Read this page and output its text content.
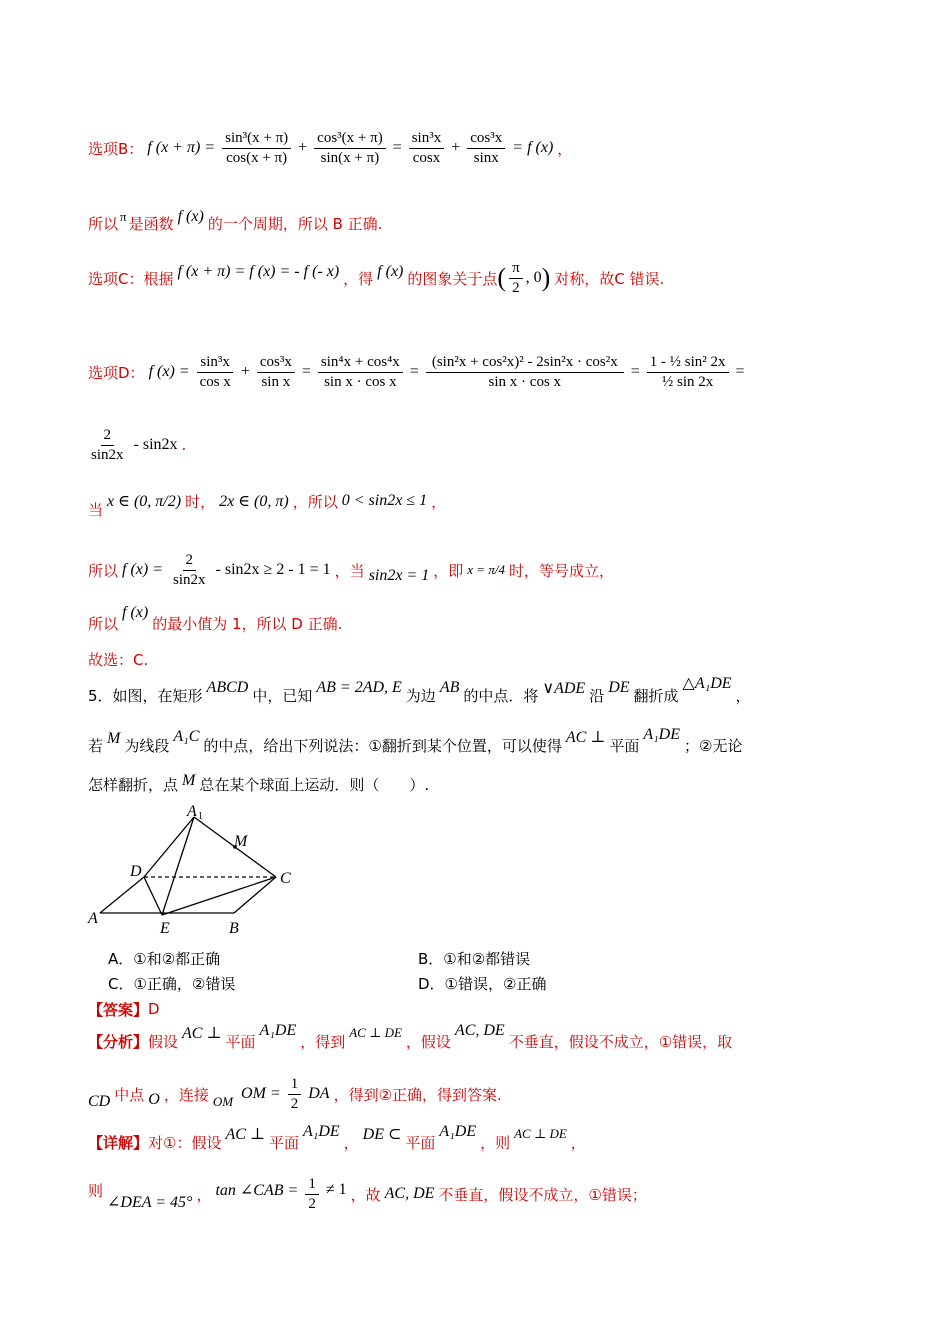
选项B： f $(x + \pi) = \frac{\text{sin³(x + π)}}{\cos(x + \pi)} + \frac{\text{cos³(x + π)}}{\sin(x + \pi)} = \frac{\text{sin³x}}{\cos x} + \frac{\text{cos³x}}{\sin x} = f$ (x) ，
所以 π 是函数 f (x) 的一个周期，所以 B 正确.
选项C：根据 f (x + π) = f (x) = - f (- x) ，得 f (x) 的图象关于点 ( $\frac{\pi}{2}$ , 0 ) 对称，故C 错误.
选项D： f $(x) = \frac{\text{sin³x}}{\text{cos x}} + \frac{\text{cos³x}}{\text{sin x}} = \frac{\text{sin⁴x + cos⁴x}}{\text{sin x · cos x}} = \frac{\text{(sin²x + cos²x)² - 2sin²x · cos²x}}{\text{sin x · cos x}} = \frac{\text{1 - ½ sin² 2x}}{\text{½ sin 2x}}$ =
$\frac{2}{\sin 2x} - \sin 2x$ .
当 x ∈ (0, π/2) 时， 2x ∈ (0, π) ，所以 0 < sin2x ≤ 1 ，
所以 f $(x) = \frac{2}{\sin 2x} - \sin 2x \ge 2 - 1 = 1$ ，当 sin2x = 1 ，即 x = π/4 时，等号成立，
所以
f (x)
的最小值为 1，所以 D 正确.
故选：C.
5．如图，在矩形 ABCD 中，已知 AB = 2AD, E 为边 AB 的中点．将 ∨ADE 沿 DE 翻折成
△A₁DE
，
若 M 为线段 A₁C 的中点，给出下列说法：①翻折到某个位置，可以使得 AC ⊥ 平面
A₁DE
；②无论
怎样翻折，点 M 总在某个球面上运动．则（　　）.
A 1
M
D	C
A
E	B
A．①和②都正确	B．①和②都错误
C．①正确，②错误	D．①错误，②正确
【答案】 D
【分析】 假设 AC ⊥ 平面
A₁DE
，得到 AC ⊥ DE ，假设
AC, DE
不垂直，假设不成立，①错误，取
CD 中点 O ，连接 OM OM = $\frac{1}{2}$ DA ，得到②正确，得到答案.
【详解】 对①：假设 AC ⊥ 平面
A₁DE
， DE ⊂ 平面
A₁DE
，则 AC ⊥ DE ，
则
∠DEA = 45° ， tan ∠CAB = $\frac{1}{2} \ne 1$ ，故 AC, DE 不垂直，假设不成立，①错误；
